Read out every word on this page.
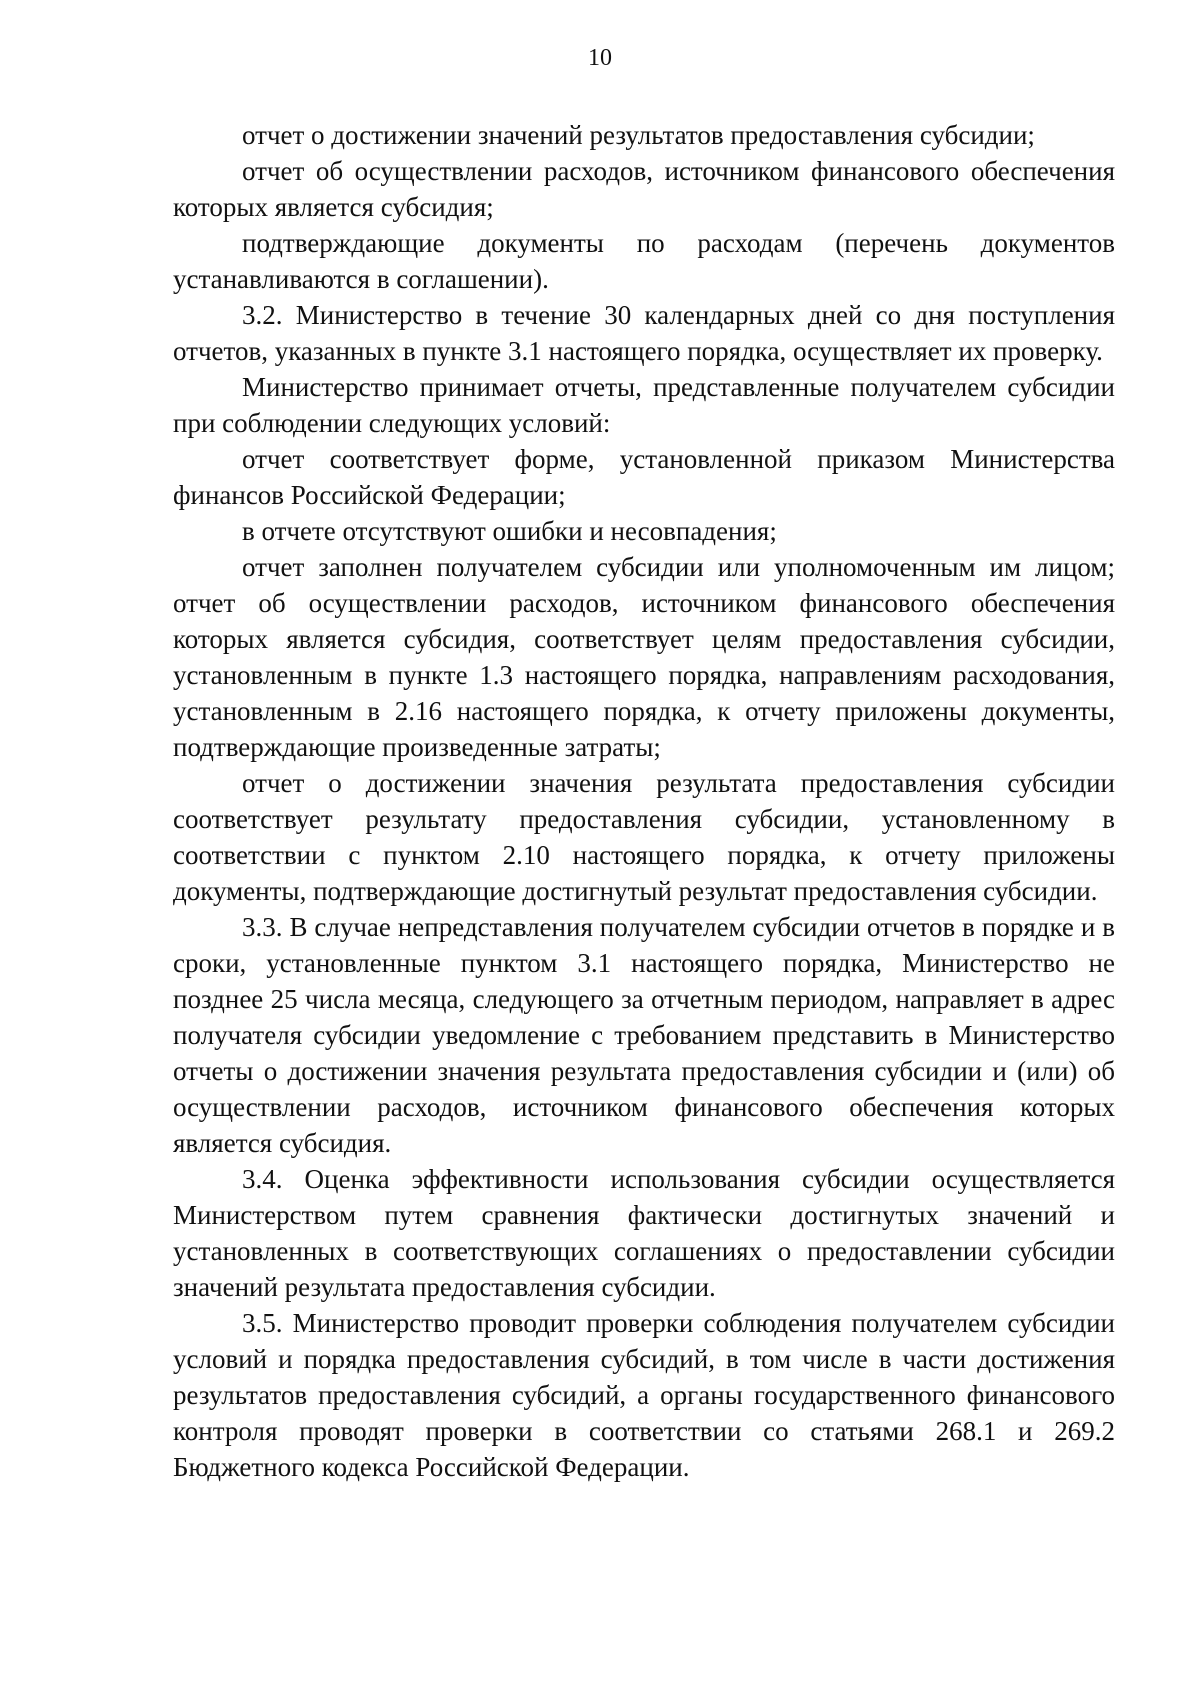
10

отчет о достижении значений результатов предоставления субсидии;

отчет об осуществлении расходов, источником финансового обеспечения которых является субсидия;

подтверждающие документы по расходам (перечень документов устанавливаются в соглашении).

3.2. Министерство в течение 30 календарных дней со дня поступления отчетов, указанных в пункте 3.1 настоящего порядка, осуществляет их проверку.

Министерство принимает отчеты, представленные получателем субсидии при соблюдении следующих условий:

отчет соответствует форме, установленной приказом Министерства финансов Российской Федерации;

в отчете отсутствуют ошибки и несовпадения;

отчет заполнен получателем субсидии или уполномоченным им лицом; отчет об осуществлении расходов, источником финансового обеспечения которых является субсидия, соответствует целям предоставления субсидии, установленным в пункте 1.3 настоящего порядка, направлениям расходования, установленным в 2.16 настоящего порядка, к отчету приложены документы, подтверждающие произведенные затраты;

отчет о достижении значения результата предоставления субсидии соответствует результату предоставления субсидии, установленному в соответствии с пунктом 2.10 настоящего порядка, к отчету приложены документы, подтверждающие достигнутый результат предоставления субсидии.

3.3. В случае непредставления получателем субсидии отчетов в порядке и в сроки, установленные пунктом 3.1 настоящего порядка, Министерство не позднее 25 числа месяца, следующего за отчетным периодом, направляет в адрес получателя субсидии уведомление с требованием представить в Министерство отчеты о достижении значения результата предоставления субсидии и (или) об осуществлении расходов, источником финансового обеспечения которых является субсидия.

3.4. Оценка эффективности использования субсидии осуществляется Министерством путем сравнения фактически достигнутых значений и установленных в соответствующих соглашениях о предоставлении субсидии значений результата предоставления субсидии.

3.5. Министерство проводит проверки соблюдения получателем субсидии условий и порядка предоставления субсидий, в том числе в части достижения результатов предоставления субсидий, а органы государственного финансового контроля проводят проверки в соответствии со статьями 268.1 и 269.2 Бюджетного кодекса Российской Федерации.
